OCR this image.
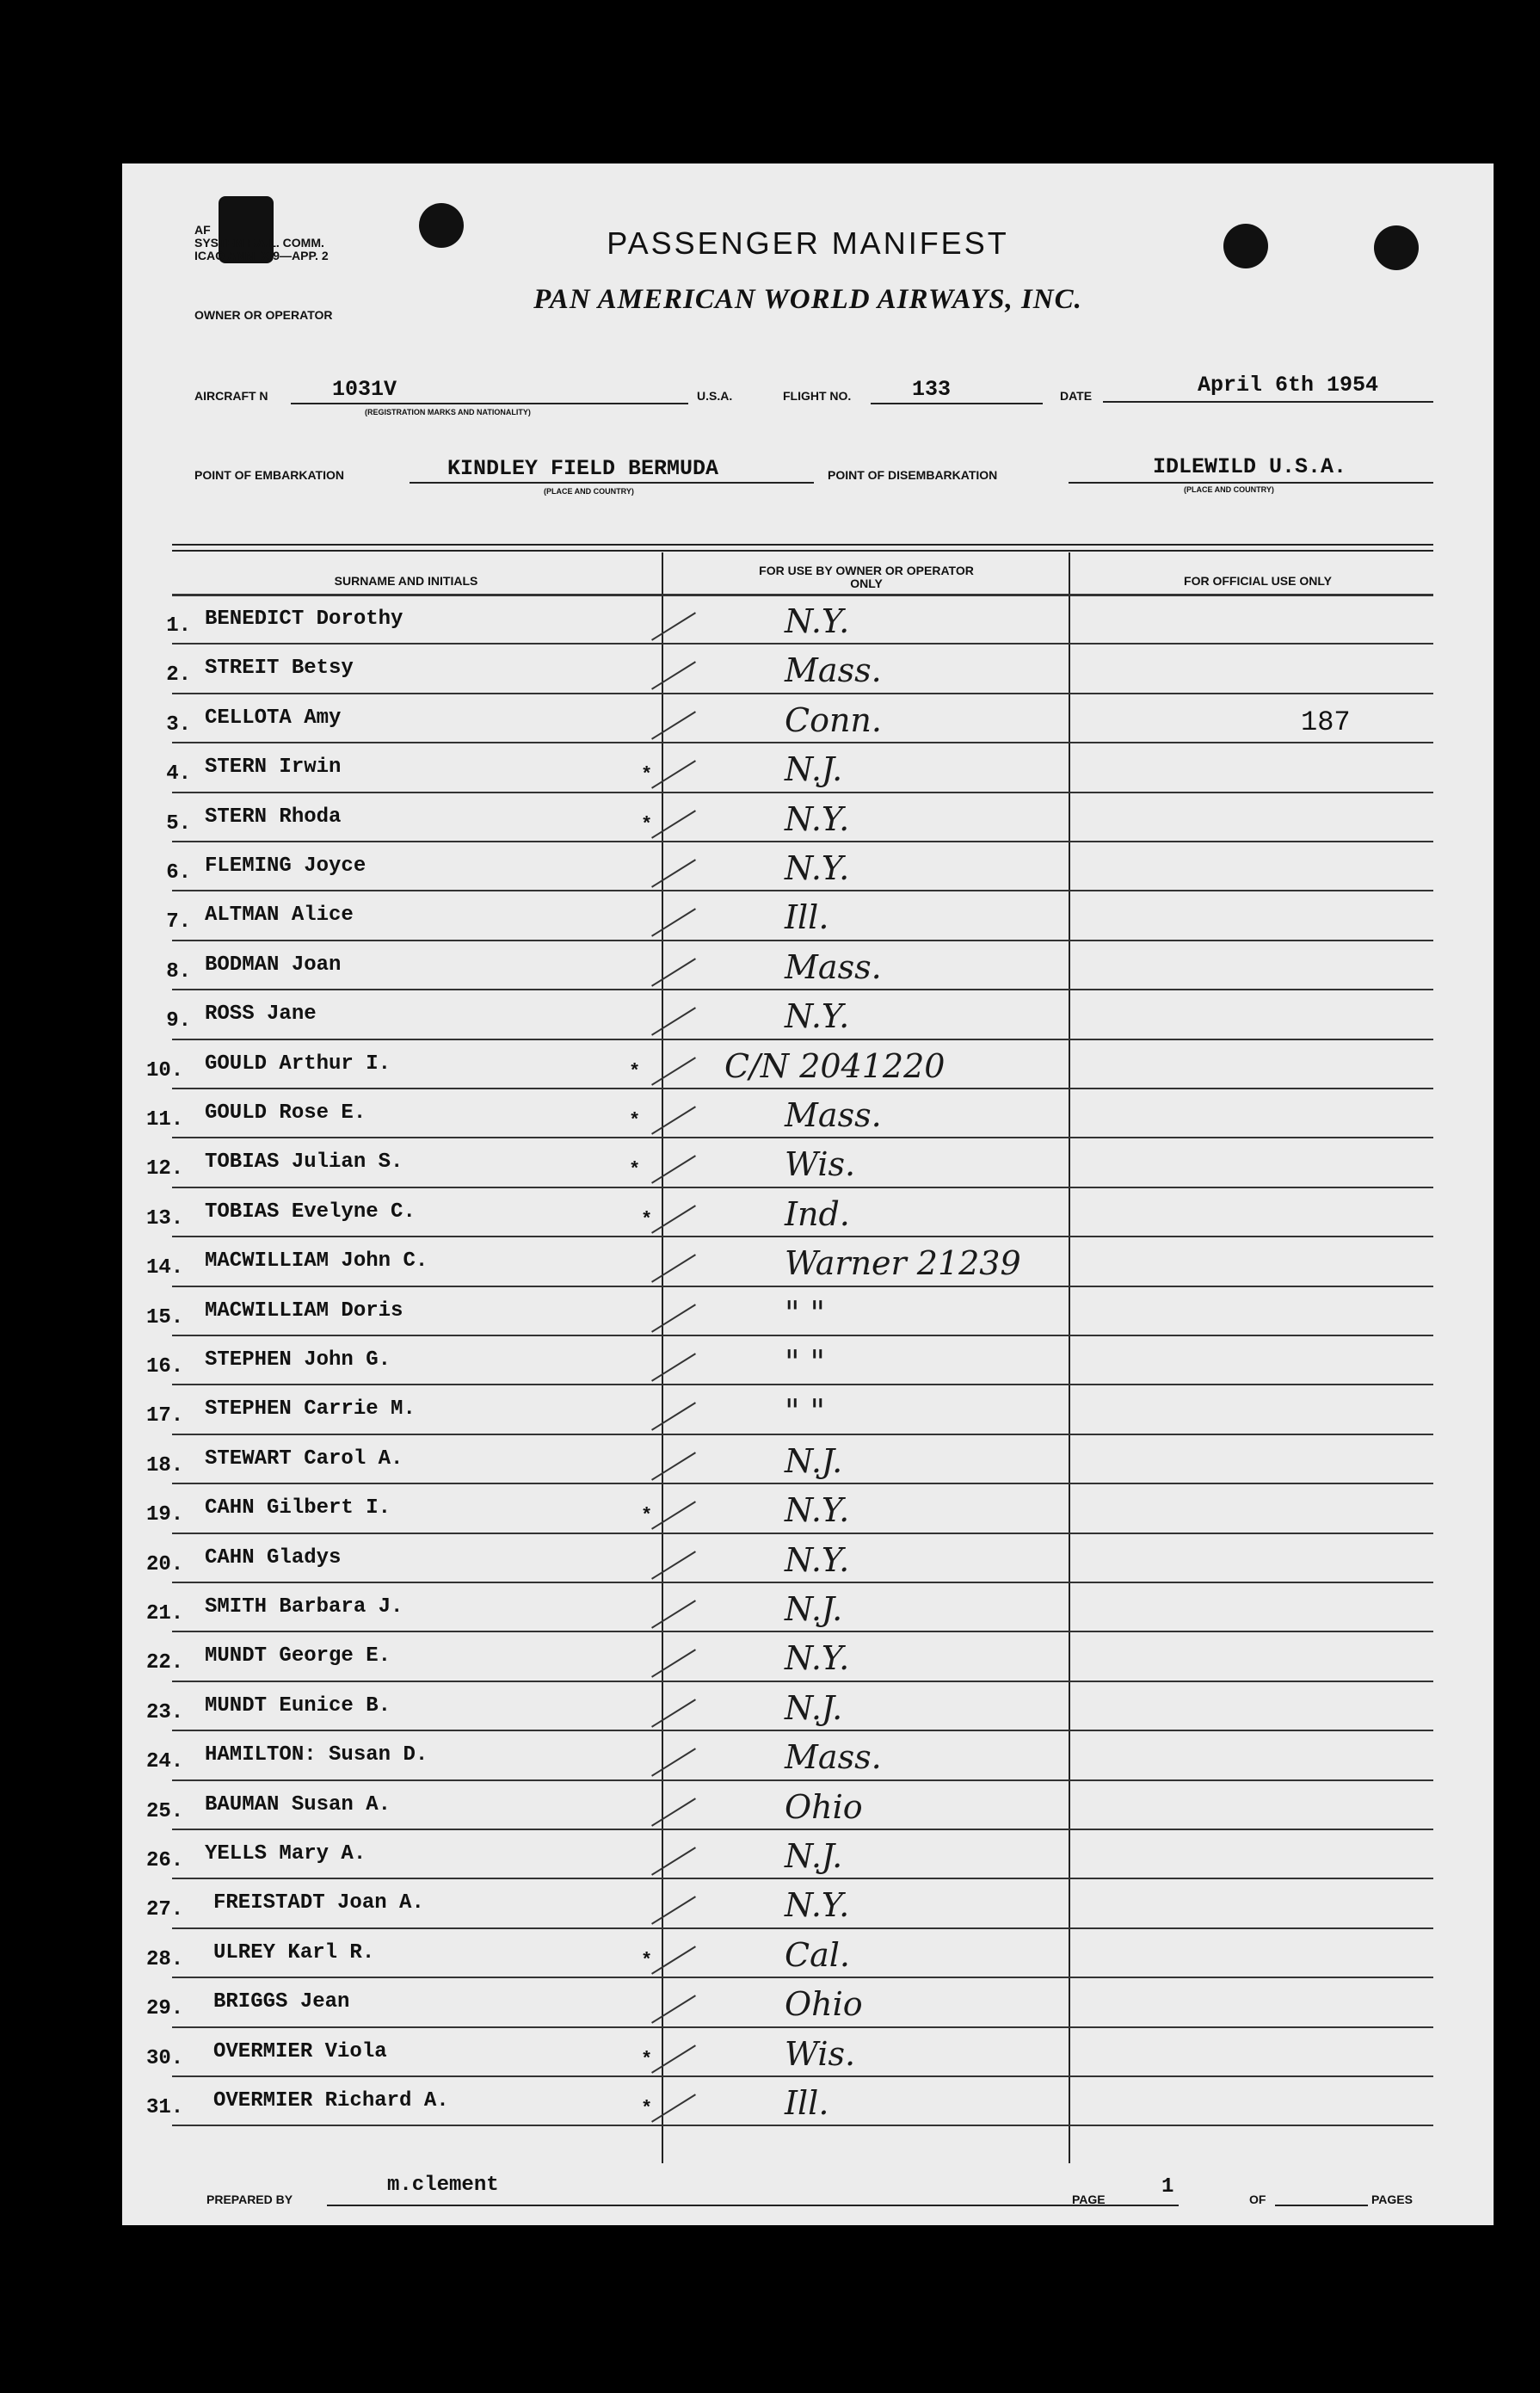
AF
SYSTEM F.A.L. COMM.
ICAO ANNEX 9—APP. 2	PASSENGER MANIFEST
PAN AMERICAN WORLD AIRWAYS, INC.
OWNER OR OPERATOR
AIRCRAFT N	1031V
(REGISTRATION MARKS AND NATIONALITY)
U.S.A.	FLIGHT NO.	133	DATE	April 6th 1954
POINT OF EMBARKATION	KINDLEY FIELD BERMUDA
(PLACE AND COUNTRY)
POINT OF DISEMBARKATION	IDLEWILD U.S.A.
(PLACE AND COUNTRY)
SURNAME AND INITIALS
FOR USE BY OWNER OR OPERATOR ONLY	FOR OFFICIAL USE ONLY
1. BENEDICT Dorothy	N.Y.
2. STREIT Betsy	Mass.
3. CELLOTA Amy	Conn.	187
4. STERN Irwin	*	N.J.
5. STERN Rhoda	*	N.Y.
6. FLEMING Joyce	N.Y.
7. ALTMAN Alice	Ill.
8. BODMAN Joan	Mass.
9. ROSS Jane	N.Y.
10. GOULD Arthur I.	*	C/N 2041220
11. GOULD Rose E.	*	Mass.
12. TOBIAS Julian S.	*	Wis.
13. TOBIAS Evelyne C.	*	Ind.
14. MACWILLIAM John C.	Warner 21239
15. MACWILLIAM Doris	" "
16. STEPHEN John G.	" "
17. STEPHEN Carrie M.	" "
18. STEWART Carol A.	N.J.
19. CAHN Gilbert I.	*	N.Y.
20. CAHN Gladys	N.Y.
21. SMITH Barbara J.	N.J.
22. MUNDT George E.	N.Y.
23. MUNDT Eunice B.	N.J.
24. HAMILTON: Susan D.	Mass.
25. BAUMAN Susan A.	Ohio
26. YELLS Mary A.	N.J.
27. FREISTADT Joan A.	N.Y.
28. ULREY Karl R.	*	Cal.
29. BRIGGS Jean	Ohio
30. OVERMIER Viola	*	Wis.
31. OVERMIER Richard A.	*	Ill.
PREPARED BY
m.clement
PAGE
1
OF	PAGES
